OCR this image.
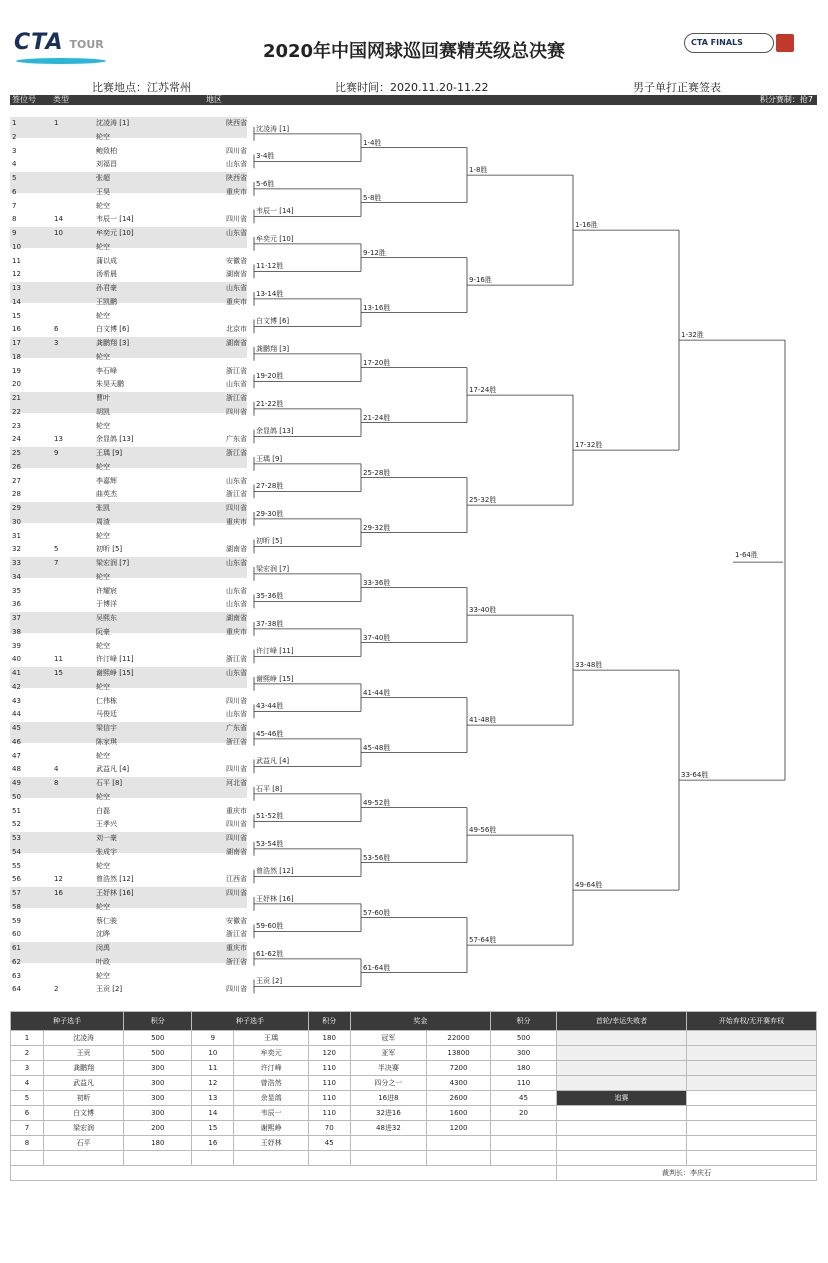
CTA TOUR	2020年中国网球巡回赛精英级总决赛	CTA FINALS
比赛地点：江苏常州	比赛时间：2020.11.20-11.22	男子单打正赛签表
签位号 类型	地区	积分赛制：抢7
1	1	沈凌涛 [1]	陕西省
2	轮空
3	鲍致柏	四川省
4	刘福昌	山东省
5	张超	陕西省
6	王昊	重庆市
7	轮空
8	14	韦辰一 [14]	四川省
9	10	牟奕元 [10]	山东省
10	轮空
11	蒲以成	安徽省
12	汤希晨	湖南省
13	孙君豪	山东省
14	王凯鹏	重庆市
15	轮空
16	6	白文博 [6]	北京市
17	3	龚鹏翔 [3]	湖南省
18	轮空
19	李石峰	浙江省
20	朱昊天鹏	山东省
21	曹叶	浙江省
22	胡凯	四川省
23	轮空
24	13	余显鸽 [13]	广东省
25	9	王瑀 [9]	浙江省
26	轮空
27	李嘉辉	山东省
28	曲英杰	浙江省
29	张凯	四川省
30	周渣	重庆市
31	轮空
32	5	初昕 [5]	湖南省
33	7	梁宏润 [7]	山东省
34	轮空
35	许耀宸	山东省
36	于博洋	山东省
37	吴熙东	湖南省
38	阮豪	重庆市
39	轮空
40	11	许汀峰 [11]	浙江省
41	15	谢熙峥 [15]	山东省
42	轮空
43	仁伟栋	四川省
44	马俊廷	山东省
45	梁信宇	广东省
46	陈家琪	浙江省
47	轮空
48	4	武益凡 [4]	四川省
49	8	石平 [8]	河北省
50	轮空
51	白磊	重庆市
52	王孝兴	四川省
53	刘一豪	四川省
54	张成宇	湖南省
55	轮空
56	12	曾浩然 [12]	江西省
57	16	王妤林 [16]	四川省
58	轮空
59	蔡仁骏	安徽省
60	沈晔	浙江省
61	闵禹	重庆市
62	叶政	浙江省
63	轮空
64	2	王贡 [2]	四川省
沈凌涛 [1]
3-4胜
5-6胜
韦辰一 [14]
牟奕元 [10]
11-12胜
13-14胜
白文博 [6]
龚鹏翔 [3]
19-20胜
21-22胜
余显鸽 [13]
王瑀 [9]
27-28胜
29-30胜
初昕 [5]
梁宏润 [7]
35-36胜
37-38胜
许汀峰 [11]
谢熙峥 [15]
43-44胜
45-46胜
武益凡 [4]
石平 [8]
51-52胜
53-54胜
曾浩然 [12]
王妤林 [16]
59-60胜
61-62胜
王贡 [2]
1-4胜
5-8胜
9-12胜
13-16胜
17-20胜
21-24胜
25-28胜
29-32胜
33-36胜
37-40胜
41-44胜
45-48胜
49-52胜
53-56胜
57-60胜
61-64胜
1-8胜
9-16胜
17-24胜
25-32胜
33-40胜
41-48胜
49-56胜
57-64胜
1-16胜
17-32胜
33-48胜
49-64胜
1-32胜
33-64胜
1-64胜
种子选手		积分	种子选手		积分	奖金		积分	首轮/幸运失败者	开始弃权/无开赛弃权
1	沈凌涛	500	9	王瑀	180	冠军	22000	500		
2	王贡	500	10	牟奕元	120	亚军	13800	300		
3	龚鹏翔	300	11	许汀峰	110	半决赛	7200	180		
4	武益凡	300	12	曾浩然	110	四分之一	4300	110		
5	初昕	300	13	余显鸽	110	16进8	2600	45	追赛	
6	白文博	300	14	韦辰一	110	32进16	1600	20		
7	梁宏润	200	15	谢熙峥	70	48进32	1200			
8	石平	180	16	王妤林	45					

									裁判长：李庆石	
